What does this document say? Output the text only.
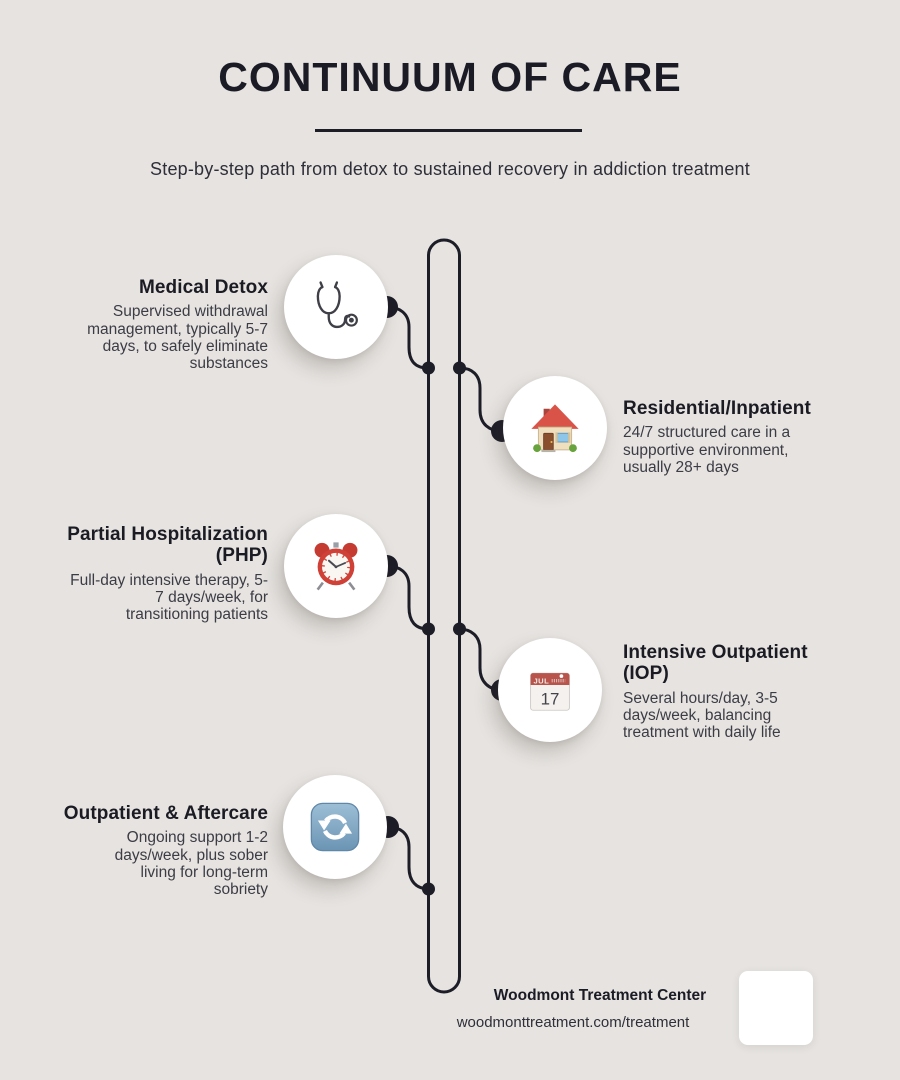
CONTINUUM OF CARE
Step-by-step path from detox to sustained recovery in addiction treatment
JUL
17
Medical Detox

Supervised withdrawal management, typically 5-7 days, to safely eliminate substances

Residential/Inpatient

24/7 structured care in a supportive environment, usually 28+ days

Partial Hospitalization (PHP)

Full-day intensive therapy, 5-7 days/week, for transitioning patients

Intensive Outpatient (IOP)

Several hours/day, 3-5 days/week, balancing treatment with daily life

Outpatient & Aftercare

Ongoing support 1-2 days/week, plus sober living for long-term sobriety

Woodmont Treatment Center
woodmonttreatment.com/treatment
